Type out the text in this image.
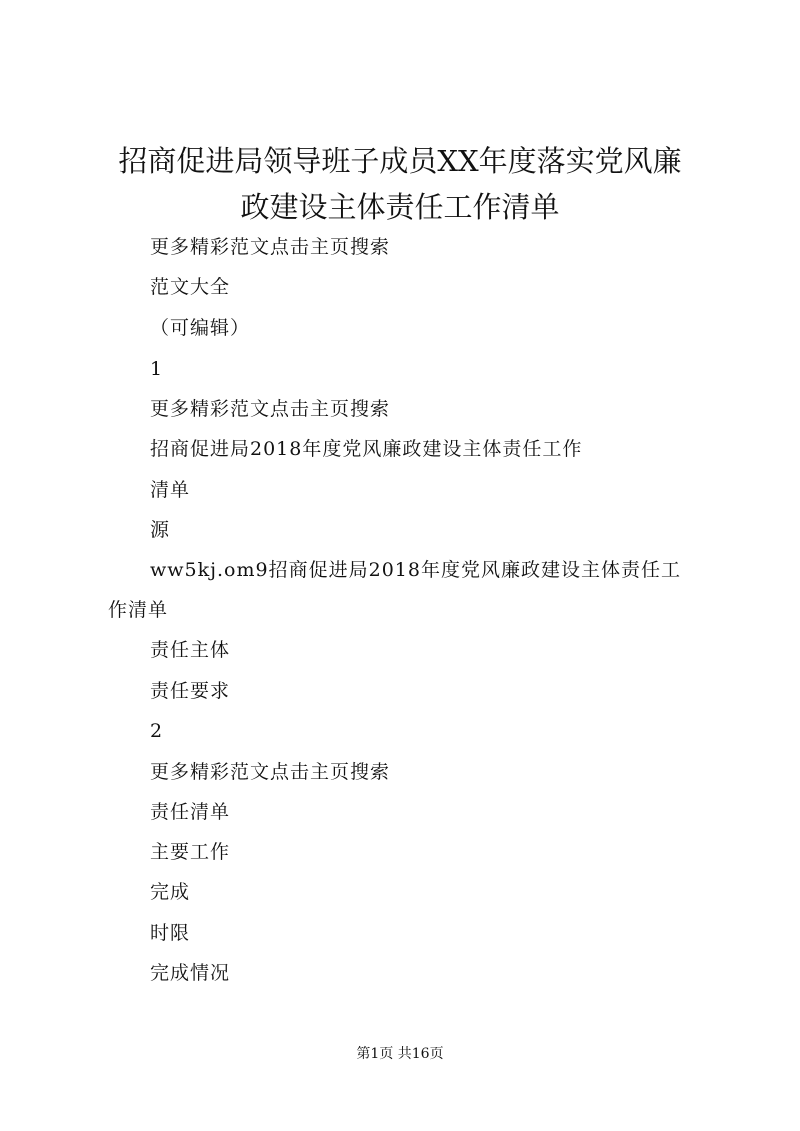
招商促进局领导班子成员XX年度落实党风廉
政建设主体责任工作清单
更多精彩范文点击主页搜索
范文大全
（可编辑）
1
更多精彩范文点击主页搜索
招商促进局2018年度党风廉政建设主体责任工作
清单
源
ww5kj.om9招商促进局2018年度党风廉政建设主体责任工
作清单
责任主体
责任要求
2
更多精彩范文点击主页搜索
责任清单
主要工作
完成
时限
完成情况
第1页 共16页
